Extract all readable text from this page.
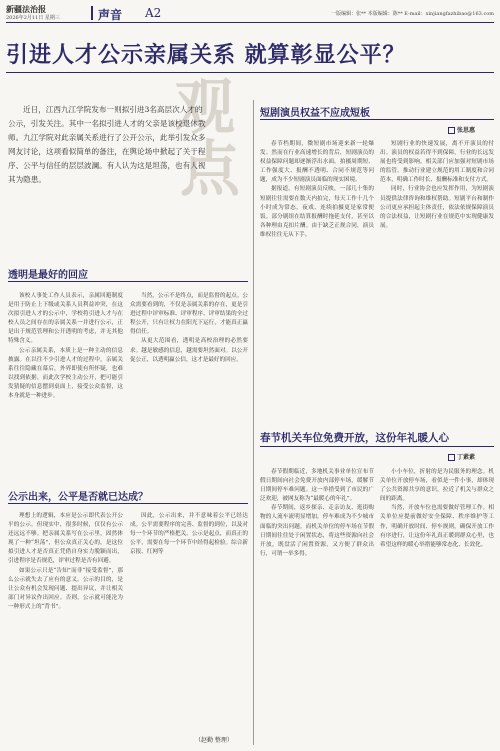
新疆法治报
2026年2月11日 星期三	声音 A2	一版编辑：张** 本版编辑：陈** E-mail：xinjiangfazhibao@163.com
引进人才公示亲属关系 就算彰显公平？
观
点
近日，江西九江学院发布一则拟引进3名高层次人才的公示，引发关注。其中一名拟引进人才的父亲是该校退休教师。九江学院对此亲属关系进行了公开公示，此举引发众多网友讨论，这项看似简单的备注，在舆论场中掀起了关于程序、公平与信任的层层波澜。有人认为这是坦荡，也有人视其为隐患。
透明是最好的回应

该校人事处工作人员表示，亲属回避制度是用于防止上下级或关系人员利益冲突，在这次拟引进人才的公示中，学校将引进人才与在校人员之间存在的亲属关系一并进行公示，正是出于规范管理和公开透明的考虑，并无其他特殊含义。

公示亲属关系，本质上是一种主动的信息披露。在以往不少引进人才的过程中，亲属关系往往隐藏在幕后，外界即使有所怀疑，也难以找到依据。而此次学校主动公开，把可能引发猜疑的信息摆到桌面上，接受公众监督，这本身就是一种进步。

当然，公示不是终点，而是监督的起点。公众需要看到的，不仅是亲属关系的存在，更是引进过程中评审标准、评审程序、评审结果的全过程公开，只有让权力在阳光下运行，才能真正赢得信任。

从更大范围看，透明是高校治理的必然要求。越是敏感的信息，越需要坦然面对。以公开促公正，以透明赢公信，这才是最好的回应。

公示出来，公平是否就已达成？

理想上的逻辑，本应是公示即代表公开公平的公示。但现实中，很多时候，仅仅有公示还远远不够。把亲属关系写在公示里，固然体现了一种“坦荡”，但公众真正关心的，是这位拟引进人才是否真正凭借自身实力脱颖而出，引进程序是否规范，评审过程是否有回避。

如果公示只是“告知”而非“接受监督”，那么公示就失去了应有的意义。公示的目的，是让公众有机会发现问题、提出异议，并让相关部门对异议作出回应。否则，公示就可能沦为一种形式上的“背书”。

因此，公示出来，并不意味着公平已经达成。公平需要程序的完善、监督的到位，以及对每一个环节的严格把关。公示是起点，而真正的公平，需要在每一个环节中经得起检验。综合新京报、红网等

（赵勤 整理）
短剧演员权益不应成短板
张思惠

春节档期间，微短剧市场迎来新一轮爆发。然而在行业高速增长的背后，短剧演员的权益保障问题却逐渐浮出水面。拍摄周期短、工作强度大、报酬不透明、合同不规范等问题，成为不少短剧演员面临的现实困境。

据报道，有短剧演员反映，一部几十集的短剧往往需要在数天内拍完，每天工作十几个小时成为常态，夜戏、连续拍摄更是家常便饭。部分剧组在结算报酬时拖延支付，甚至以各种理由克扣片酬。由于缺乏正规合同，演员维权往往无从下手。

短剧行业的快速发展，离不开演员的付出。演员的权益若得不到保障，行业的长远发展也将受到影响。相关部门应加强对短剧市场的监管，推动行业建立规范的用工制度和合同范本，明确工作时长、报酬标准和支付方式。

同时，行业协会也应发挥作用，为短剧演员提供法律咨询和维权帮助。短剧平台和制作公司更应承担起主体责任，依法依规保障演员的合法权益，让短剧行业在规范中实现健康发展。

春节机关车位免费开放，这份年礼暖人心
丁素素

春节假期临近，多地机关事业单位宣布节假日期间向社会免费开放内部停车场，缓解节日期间停车难问题。这一举措受到了市民的广泛欢迎，被网友称为“最暖心的年礼”。

春节期间，返乡探亲、走亲访友、逛街购物的人流车流明显增加，停车难成为不少城市面临的突出问题。而机关单位的停车场在节假日期间往往处于闲置状态，将这些资源向社会开放，既盘活了闲置资源，又方便了群众出行，可谓一举多得。

小小车位，折射的是为民服务的理念。机关单位开放停车场，看似是一件小事，却体现了公共资源共享的意识，拉近了机关与群众之间的距离。

当然，开放车位也需要做好管理工作。相关单位应提前做好安全保障、秩序维护等工作，明确开放时间、停车规则，确保开放工作有序进行，让这份年礼真正暖到群众心里，也希望这样的暖心举措能够常态化、长效化。
